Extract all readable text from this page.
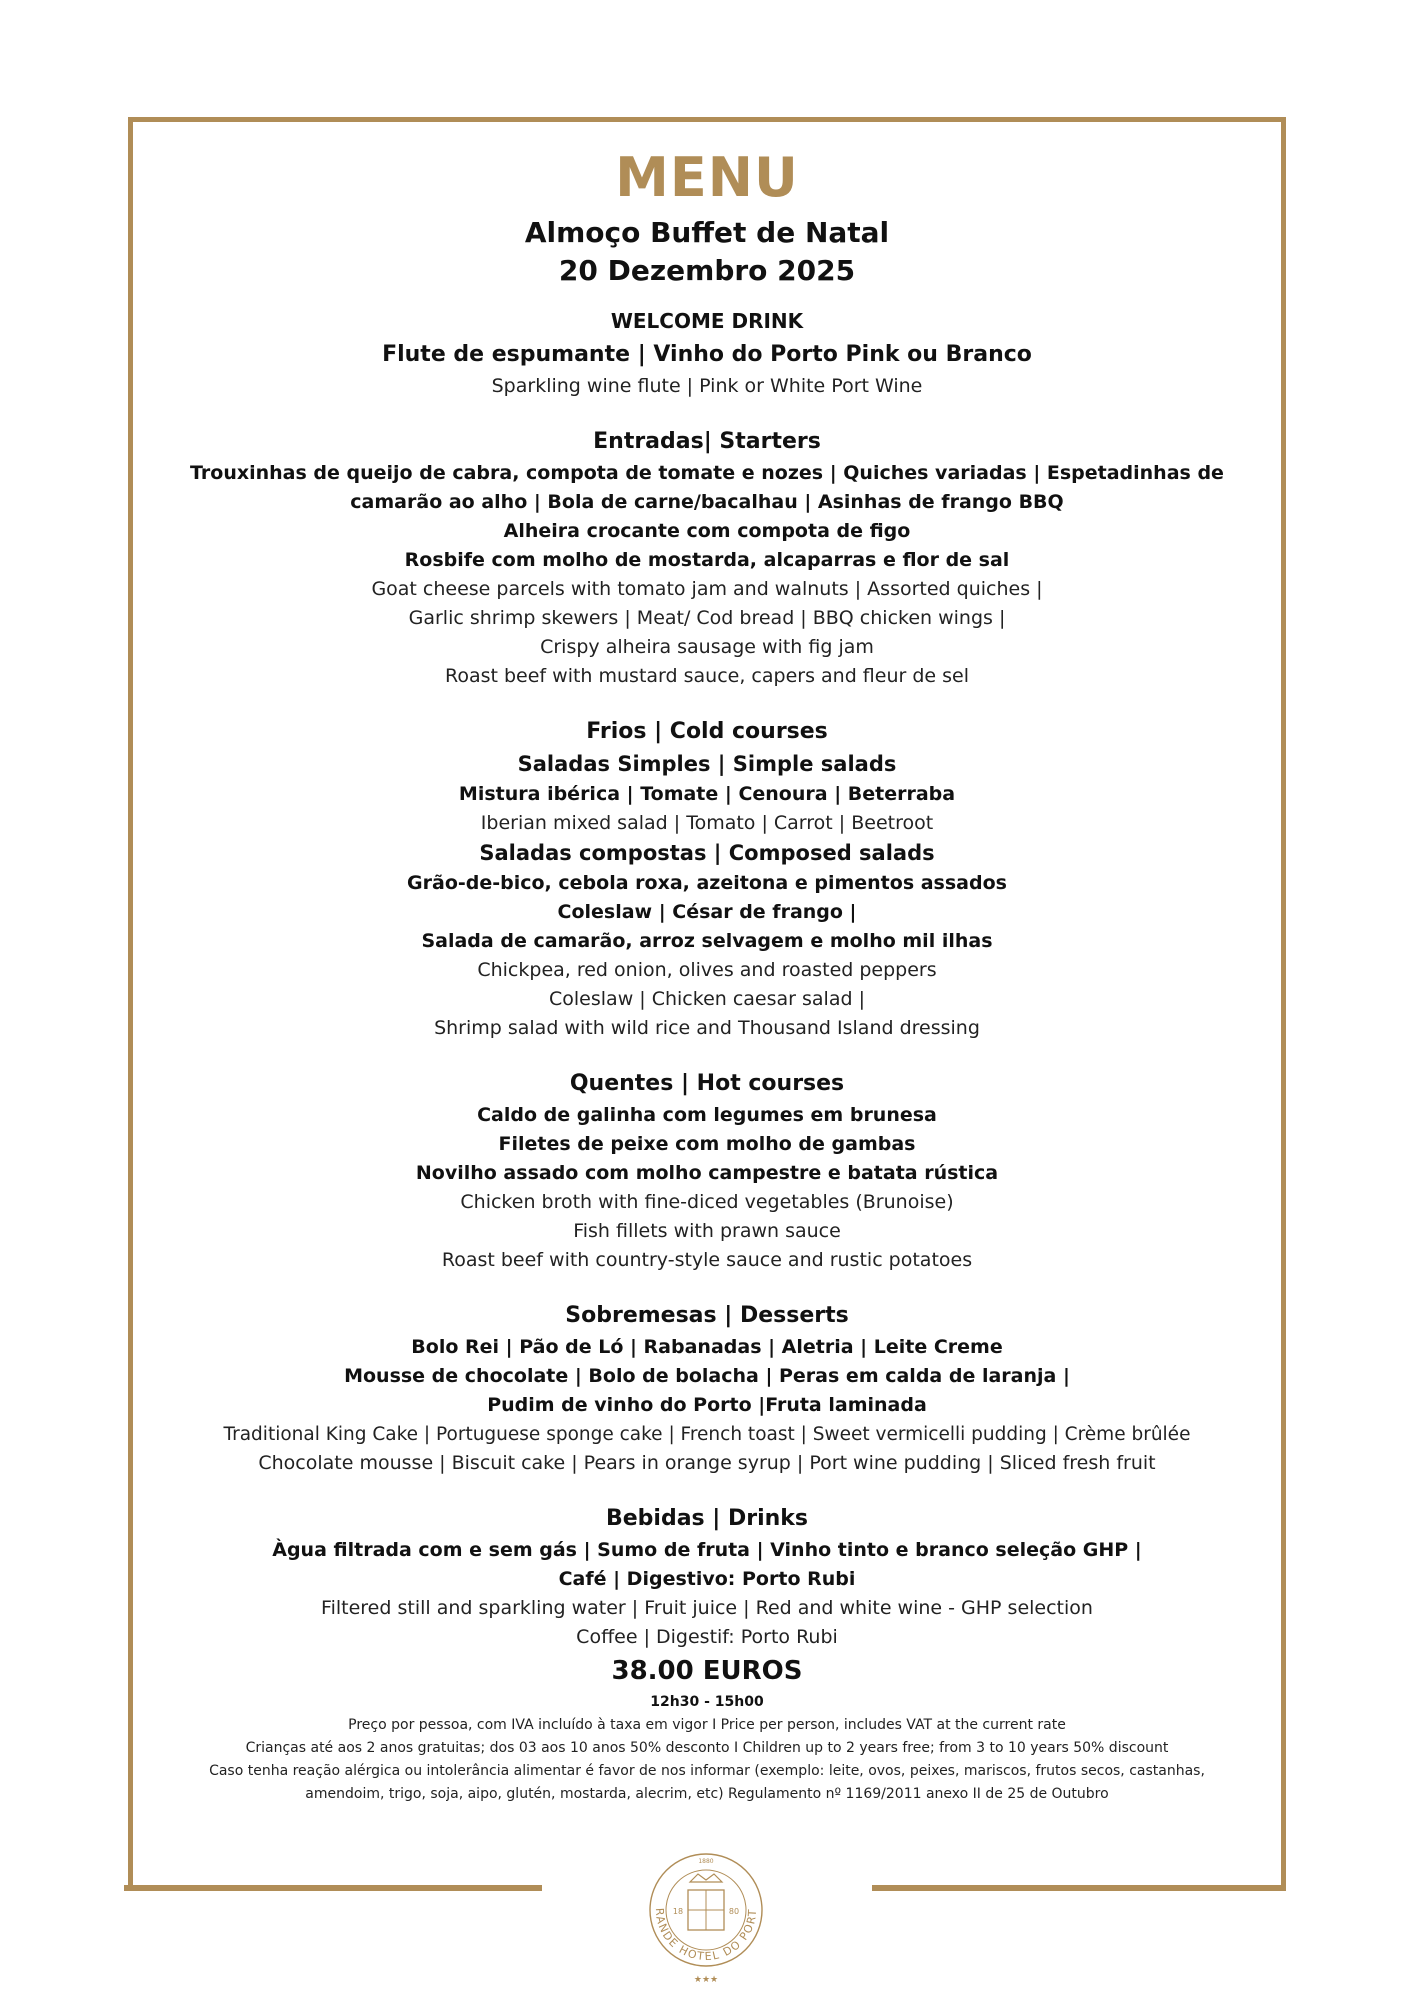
MENU
Almoço Buffet de Natal
20 Dezembro 2025
WELCOME DRINK
Flute de espumante | Vinho do Porto Pink ou Branco
Sparkling wine flute | Pink or White Port Wine
Entradas| Starters
Trouxinhas de queijo de cabra, compota de tomate e nozes | Quiches variadas | Espetadinhas de
camarão ao alho | Bola de carne/bacalhau | Asinhas de frango BBQ
Alheira crocante com compota de figo
Rosbife com molho de mostarda, alcaparras e flor de sal
Goat cheese parcels with tomato jam and walnuts | Assorted quiches |
Garlic shrimp skewers | Meat/ Cod bread | BBQ chicken wings |
Crispy alheira sausage with fig jam
Roast beef with mustard sauce, capers and fleur de sel
Frios | Cold courses
Saladas Simples | Simple salads
Mistura ibérica | Tomate | Cenoura | Beterraba
Iberian mixed salad | Tomato | Carrot | Beetroot
Saladas compostas | Composed salads
Grão-de-bico, cebola roxa, azeitona e pimentos assados
Coleslaw | César de frango |
Salada de camarão, arroz selvagem e molho mil ilhas
Chickpea, red onion, olives and roasted peppers
Coleslaw | Chicken caesar salad |
Shrimp salad with wild rice and Thousand Island dressing
Quentes | Hot courses
Caldo de galinha com legumes em brunesa
Filetes de peixe com molho de gambas
Novilho assado com molho campestre e batata rústica
Chicken broth with fine-diced vegetables (Brunoise)
Fish fillets with prawn sauce
Roast beef with country-style sauce and rustic potatoes
Sobremesas | Desserts
Bolo Rei | Pão de Ló | Rabanadas | Aletria | Leite Creme
Mousse de chocolate | Bolo de bolacha | Peras em calda de laranja |
Pudim de vinho do Porto |Fruta laminada
Traditional King Cake | Portuguese sponge cake | French toast | Sweet vermicelli pudding | Crème brûlée
Chocolate mousse | Biscuit cake | Pears in orange syrup | Port wine pudding | Sliced fresh fruit
Bebidas | Drinks
Àgua filtrada com e sem gás | Sumo de fruta | Vinho tinto e branco seleção GHP |
Café | Digestivo: Porto Rubi
Filtered still and sparkling water | Fruit juice | Red and white wine - GHP selection
Coffee | Digestif: Porto Rubi
38.00 EUROS
12h30 - 15h00
Preço por pessoa, com IVA incluído à taxa em vigor I Price per person, includes VAT at the current rate
Crianças até aos 2 anos gratuitas; dos 03 aos 10 anos 50% desconto I Children up to 2 years free; from 3 to 10 years 50% discount
Caso tenha reação alérgica ou intolerância alimentar é favor de nos informar (exemplo: leite, ovos, peixes, mariscos, frutos secos, castanhas,
amendoim, trigo, soja, aipo, glutén, mostarda, alecrim, etc) Regulamento nº 1169/2011 anexo II de 25 de Outubro
RANDE HOTEL DO PORT
1880
18	80
★★★
